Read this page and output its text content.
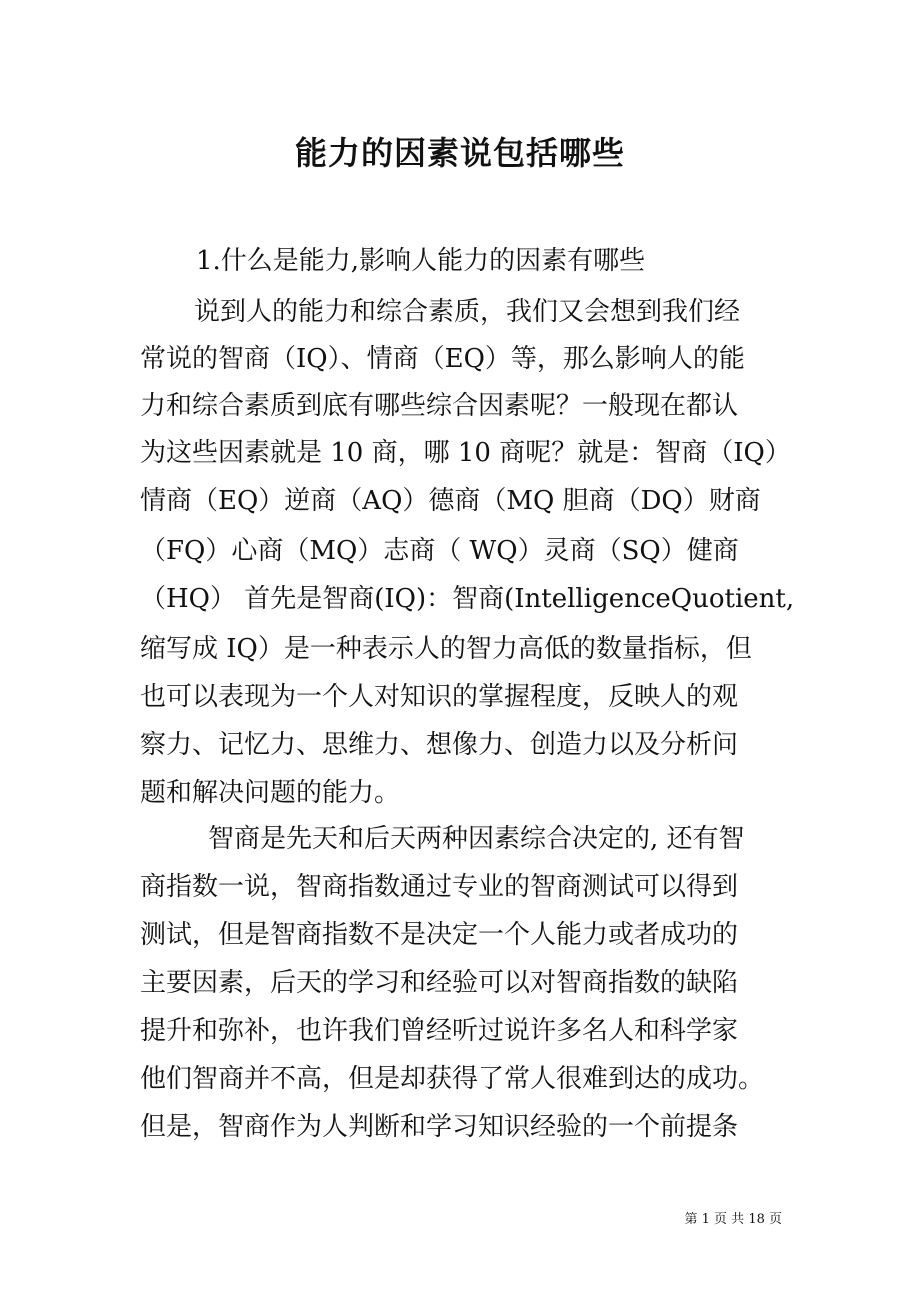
能力的因素说包括哪些
1.什么是能力,影响人能力的因素有哪些
说到人的能力和综合素质，我们又会想到我们经
常说的智商（IQ）、情商（EQ）等，那么影响人的能
力和综合素质到底有哪些综合因素呢？一般现在都认
为这些因素就是 10 商，哪 10 商呢？就是：智商（IQ）
情商（EQ）逆商（AQ）德商（MQ 胆商（DQ）财商
（FQ）心商（MQ）志商（ WQ）灵商（SQ）健商
（HQ） 首先是智商(IQ)：智商(IntelligenceQuotient,
缩写成 IQ）是一种表示人的智力高低的数量指标，但
也可以表现为一个人对知识的掌握程度，反映人的观
察力、记忆力、思维力、想像力、创造力以及分析问
题和解决问题的能力。
智商是先天和后天两种因素综合决定的, 还有智
商指数一说，智商指数通过专业的智商测试可以得到
测试，但是智商指数不是决定一个人能力或者成功的
主要因素，后天的学习和经验可以对智商指数的缺陷
提升和弥补，也许我们曾经听过说许多名人和科学家
他们智商并不高，但是却获得了常人很难到达的成功。
但是，智商作为人判断和学习知识经验的一个前提条
第 1 页 共 18 页
